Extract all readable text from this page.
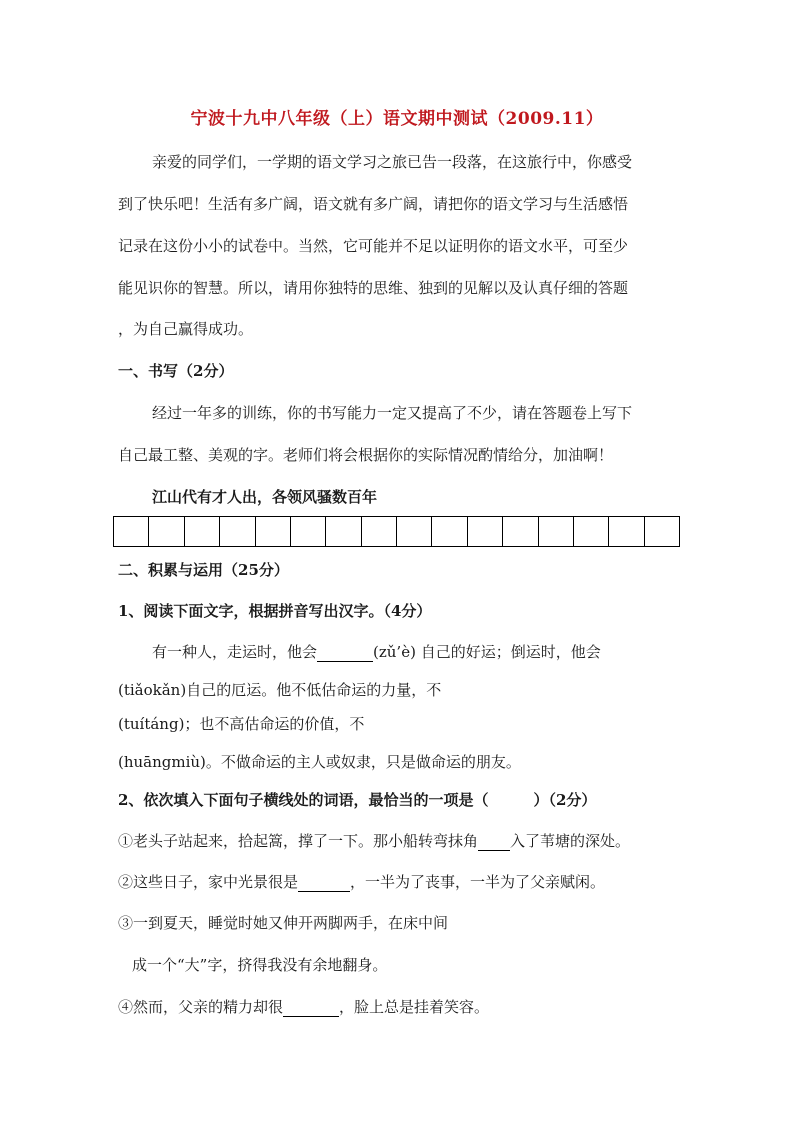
宁波十九中八年级（上）语文期中测试（2009.11）
亲爱的同学们，一学期的语文学习之旅已告一段落，在这旅行中，你感受
到了快乐吧！生活有多广阔，语文就有多广阔，请把你的语文学习与生活感悟
记录在这份小小的试卷中。当然，它可能并不足以证明你的语文水平，可至少
能见识你的智慧。所以，请用你独特的思维、独到的见解以及认真仔细的答题
，为自己赢得成功。
一、书写（2分）
经过一年多的训练，你的书写能力一定又提高了不少，请在答题卷上写下
自己最工整、美观的字。老师们将会根据你的实际情况酌情给分，加油啊！
江山代有才人出，各领风骚数百年
二、积累与运用（25分）
1、阅读下面文字，根据拼音写出汉字。（4分）
有一种人，走运时，他会	(zǔ’è) 自己的好运；倒运时，他会
(tiǎokǎn)自己的厄运。他不低估命运的力量，不
(tuítáng)；也不高估命运的价值，不
(huāngmiù)。不做命运的主人或奴隶，只是做命运的朋友。
2、依次填入下面句子横线处的词语，最恰当的一项是（　　　）（2分）
①老头子站起来，拾起篙，撑了一下。那小船转弯抹角 入了苇塘的深处。
②这些日子，家中光景很是	，一半为了丧事，一半为了父亲赋闲。
③一到夏天，睡觉时她又伸开两脚两手，在床中间
成一个“大”字，挤得我没有余地翻身。
④然而，父亲的精力却很	，脸上总是挂着笑容。
